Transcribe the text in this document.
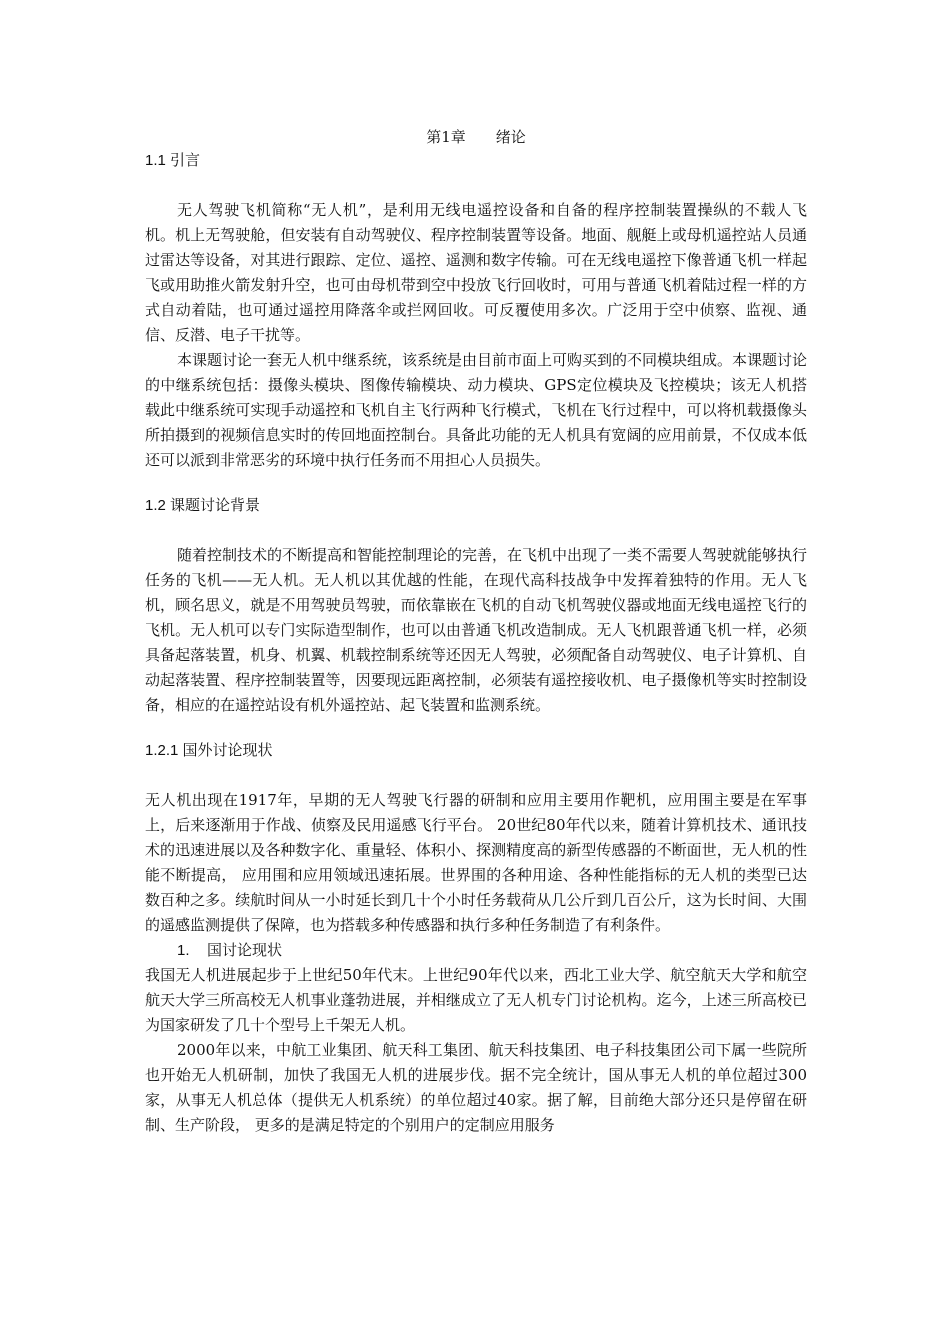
第1章　　绪论
1.1 引言

无人驾驶飞机简称“无人机”，是利用无线电遥控设备和自备的程序控制装置操纵的不载人飞机。机上无驾驶舱，但安装有自动驾驶仪、程序控制装置等设备。地面、舰艇上或母机遥控站人员通过雷达等设备，对其进行跟踪、定位、遥控、遥测和数字传输。可在无线电遥控下像普通飞机一样起飞或用助推火箭发射升空，也可由母机带到空中投放飞行回收时，可用与普通飞机着陆过程一样的方式自动着陆，也可通过遥控用降落伞或拦网回收。可反覆使用多次。广泛用于空中侦察、监视、通信、反潜、电子干扰等。

本课题讨论一套无人机中继系统，该系统是由目前市面上可购买到的不同模块组成。本课题讨论的中继系统包括：摄像头模块、图像传输模块、动力模块、GPS定位模块及飞控模块；该无人机搭载此中继系统可实现手动遥控和飞机自主飞行两种飞行模式，飞机在飞行过程中，可以将机载摄像头所拍摄到的视频信息实时的传回地面控制台。具备此功能的无人机具有宽阔的应用前景，不仅成本低还可以派到非常恶劣的环境中执行任务而不用担心人员损失。

1.2 课题讨论背景

随着控制技术的不断提高和智能控制理论的完善，在飞机中出现了一类不需要人驾驶就能够执行任务的飞机——无人机。无人机以其优越的性能，在现代高科技战争中发挥着独特的作用。无人飞机，顾名思义，就是不用驾驶员驾驶，而依靠嵌在飞机的自动飞机驾驶仪器或地面无线电遥控飞行的飞机。无人机可以专门实际造型制作，也可以由普通飞机改造制成。无人飞机跟普通飞机一样，必须具备起落装置，机身、机翼、机载控制系统等还因无人驾驶，必须配备自动驾驶仪、电子计算机、自动起落装置、程序控制装置等，因要现远距离控制，必须装有遥控接收机、电子摄像机等实时控制设备，相应的在遥控站设有机外遥控站、起飞装置和监测系统。

1.2.1 国外讨论现状

无人机出现在1917年，早期的无人驾驶飞行器的研制和应用主要用作靶机，应用围主要是在军事上，后来逐渐用于作战、侦察及民用遥感飞行平台。 20世纪80年代以来，随着计算机技术、通讯技术的迅速进展以及各种数字化、重量轻、体积小、探测精度高的新型传感器的不断面世，无人机的性能不断提高， 应用围和应用领域迅速拓展。世界围的各种用途、各种性能指标的无人机的类型已达数百种之多。续航时间从一小时延长到几十个小时任务载荷从几公斤到几百公斤，这为长时间、大围的遥感监测提供了保障，也为搭载多种传感器和执行多种任务制造了有利条件。

1. 国讨论现状

我国无人机进展起步于上世纪50年代末。上世纪90年代以来，西北工业大学、航空航天大学和航空航天大学三所高校无人机事业蓬勃进展，并相继成立了无人机专门讨论机构。迄今，上述三所高校已为国家研发了几十个型号上千架无人机。

2000年以来，中航工业集团、航天科工集团、航天科技集团、电子科技集团公司下属一些院所也开始无人机研制，加快了我国无人机的进展步伐。据不完全统计，国从事无人机的单位超过300家，从事无人机总体（提供无人机系统）的单位超过40家。据了解，目前绝大部分还只是停留在研制、生产阶段， 更多的是满足特定的个别用户的定制应用服务
